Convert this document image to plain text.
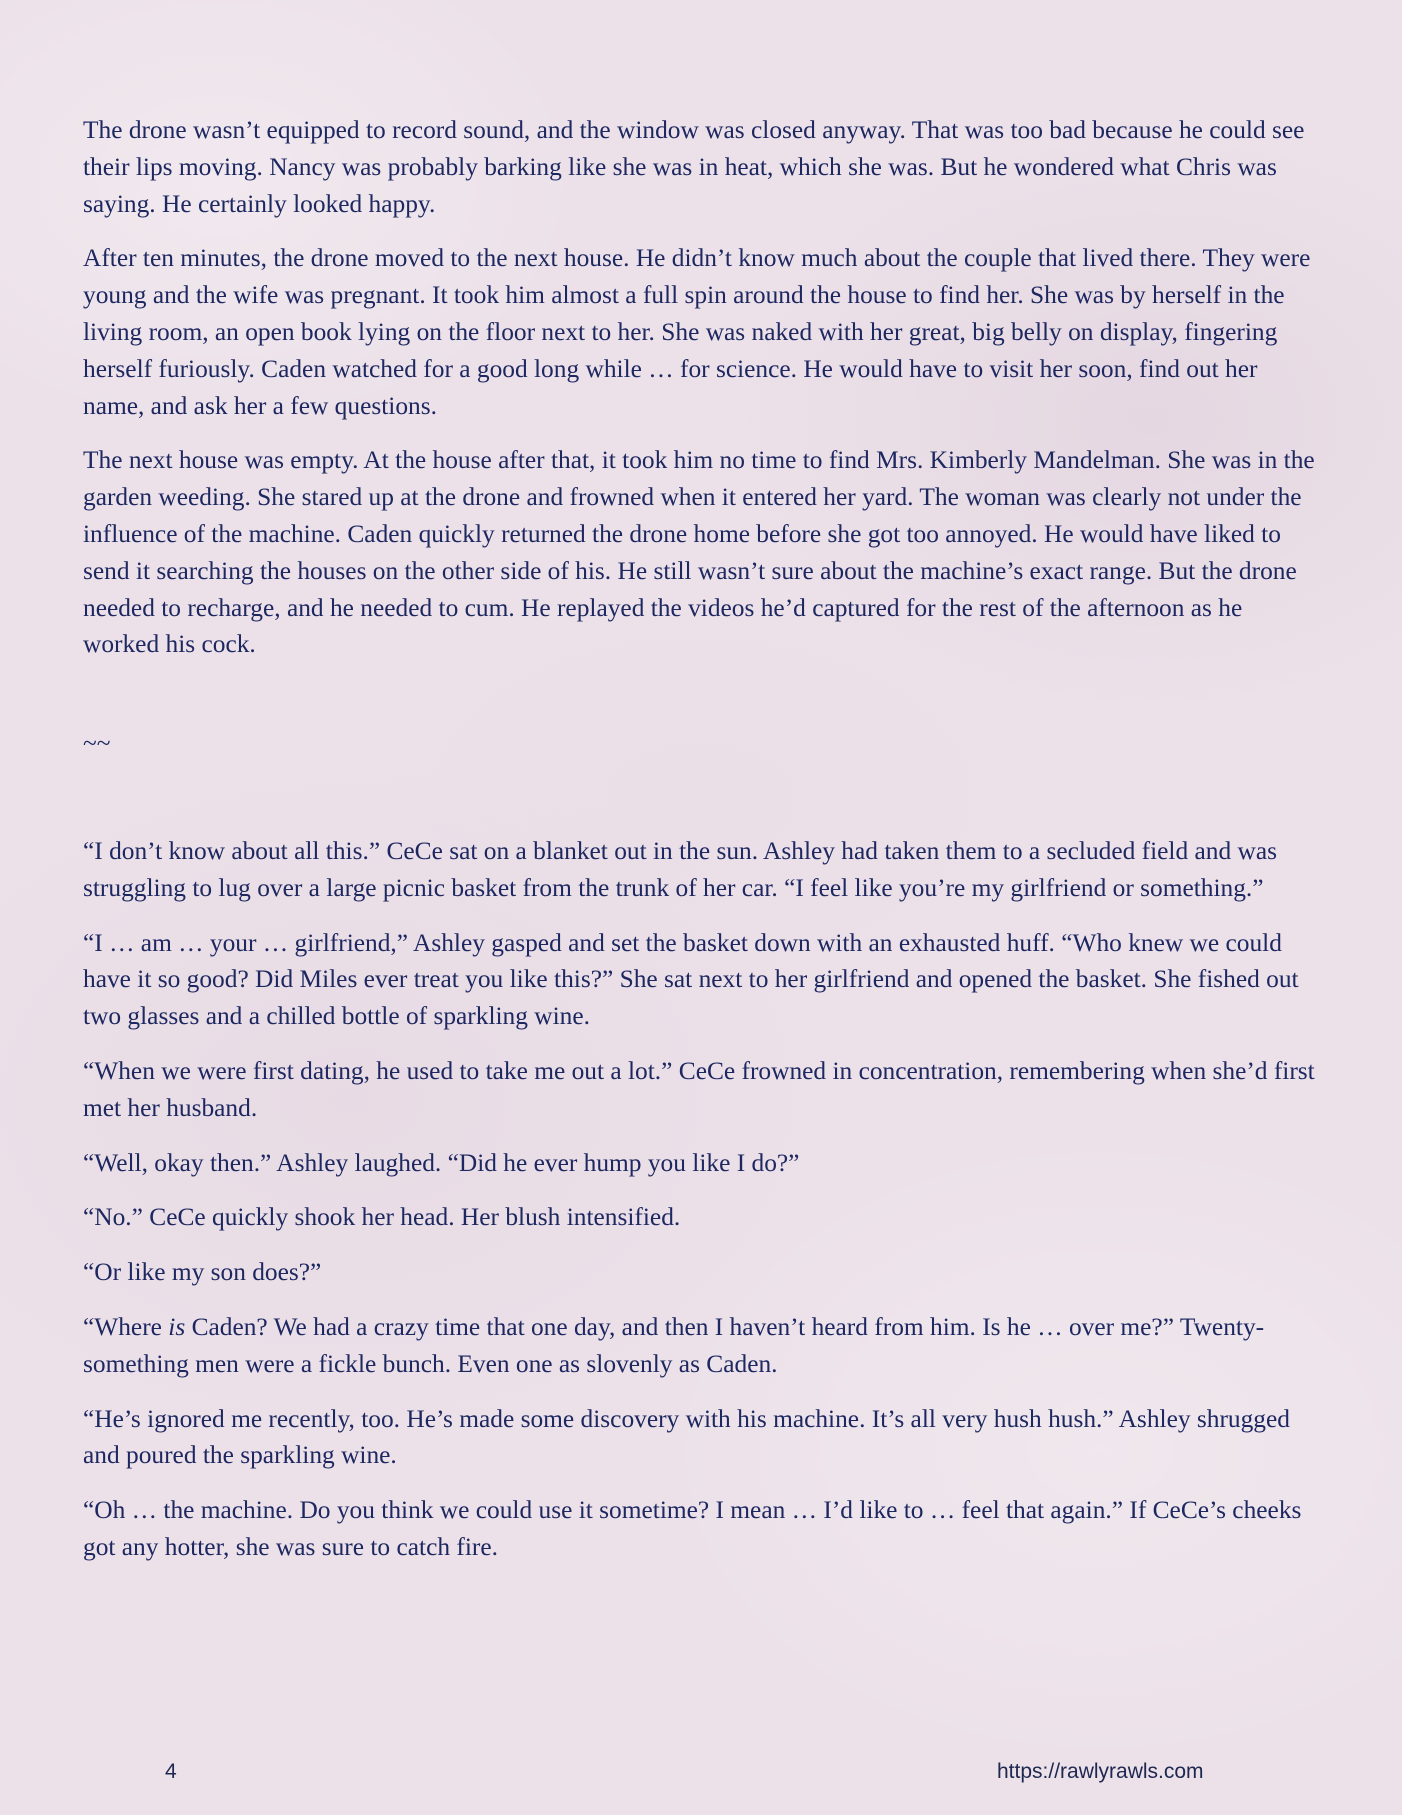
The drone wasn’t equipped to record sound, and the window was closed anyway. That was too bad because he could see their lips moving. Nancy was probably barking like she was in heat, which she was. But he wondered what Chris was saying. He certainly looked happy.

After ten minutes, the drone moved to the next house. He didn’t know much about the couple that lived there. They were young and the wife was pregnant. It took him almost a full spin around the house to find her. She was by herself in the living room, an open book lying on the floor next to her. She was naked with her great, big belly on display, fingering herself furiously. Caden watched for a good long while … for science. He would have to visit her soon, find out her name, and ask her a few questions.

The next house was empty. At the house after that, it took him no time to find Mrs. Kimberly Mandelman. She was in the garden weeding. She stared up at the drone and frowned when it entered her yard. The woman was clearly not under the influence of the machine. Caden quickly returned the drone home before she got too annoyed. He would have liked to send it searching the houses on the other side of his. He still wasn’t sure about the machine’s exact range. But the drone needed to recharge, and he needed to cum. He replayed the videos he’d captured for the rest of the afternoon as he worked his cock.

~~

“I don’t know about all this.” CeCe sat on a blanket out in the sun. Ashley had taken them to a secluded field and was struggling to lug over a large picnic basket from the trunk of her car. “I feel like you’re my girlfriend or something.”

“I … am … your … girlfriend,” Ashley gasped and set the basket down with an exhausted huff. “Who knew we could have it so good? Did Miles ever treat you like this?” She sat next to her girlfriend and opened the basket. She fished out two glasses and a chilled bottle of sparkling wine.

“When we were first dating, he used to take me out a lot.” CeCe frowned in concentration, remembering when she’d first met her husband.

“Well, okay then.” Ashley laughed. “Did he ever hump you like I do?”

“No.” CeCe quickly shook her head. Her blush intensified.

“Or like my son does?”

“Where is Caden? We had a crazy time that one day, and then I haven’t heard from him. Is he … over me?” Twenty-something men were a fickle bunch. Even one as slovenly as Caden.

“He’s ignored me recently, too. He’s made some discovery with his machine. It’s all very hush hush.” Ashley shrugged and poured the sparkling wine.

“Oh … the machine. Do you think we could use it sometime? I mean … I’d like to … feel that again.” If CeCe’s cheeks got any hotter, she was sure to catch fire.

4	https://rawlyrawls.com
